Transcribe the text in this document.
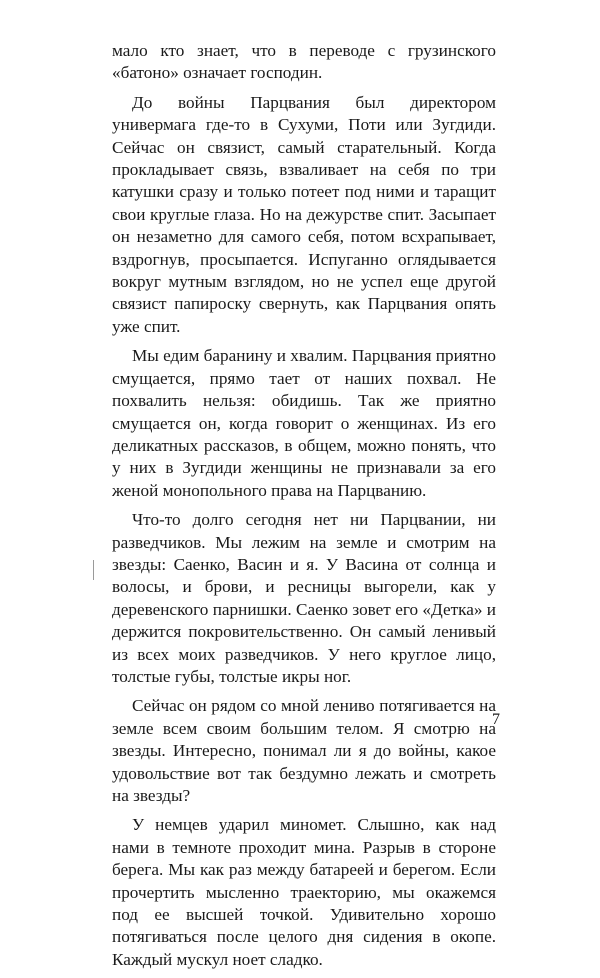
мало кто знает, что в переводе с грузинского «батоно» означает господин.

До войны Парцвания был директором универмага где-то в Сухуми, Поти или Зугдиди. Сейчас он связист, самый старательный. Когда прокладывает связь, взваливает на себя по три катушки сразу и только потеет под ними и таращит свои круглые глаза. Но на дежурстве спит. Засыпает он незаметно для самого себя, потом всхрапывает, вздрогнув, просыпается. Испуганно оглядывается вокруг мутным взглядом, но не успел еще другой связист папироску свернуть, как Парцвания опять уже спит.

Мы едим баранину и хвалим. Парцвания приятно смущается, прямо тает от наших похвал. Не похвалить нельзя: обидишь. Так же приятно смущается он, когда говорит о женщинах. Из его деликатных рассказов, в общем, можно понять, что у них в Зугдиди женщины не признавали за его женой монопольного права на Парцванию.

Что-то долго сегодня нет ни Парцвании, ни разведчиков. Мы лежим на земле и смотрим на звезды: Саенко, Васин и я. У Васина от солнца и волосы, и брови, и ресницы выгорели, как у деревенского парнишки. Саенко зовет его «Детка» и держится покровительственно. Он самый ленивый из всех моих разведчиков. У него круглое лицо, толстые губы, толстые икры ног.

Сейчас он рядом со мной лениво потягивается на земле всем своим большим телом. Я смотрю на звезды. Интересно, понимал ли я до войны, какое удовольствие вот так бездумно лежать и смотреть на звезды?

У немцев ударил миномет. Слышно, как над нами в темноте проходит мина. Разрыв в стороне берега. Мы как раз между батареей и берегом. Если прочертить мысленно траекторию, мы окажемся под ее высшей точкой. Удивительно хорошо потягиваться после целого дня сидения в окопе. Каждый мускул ноет сладко.

7
